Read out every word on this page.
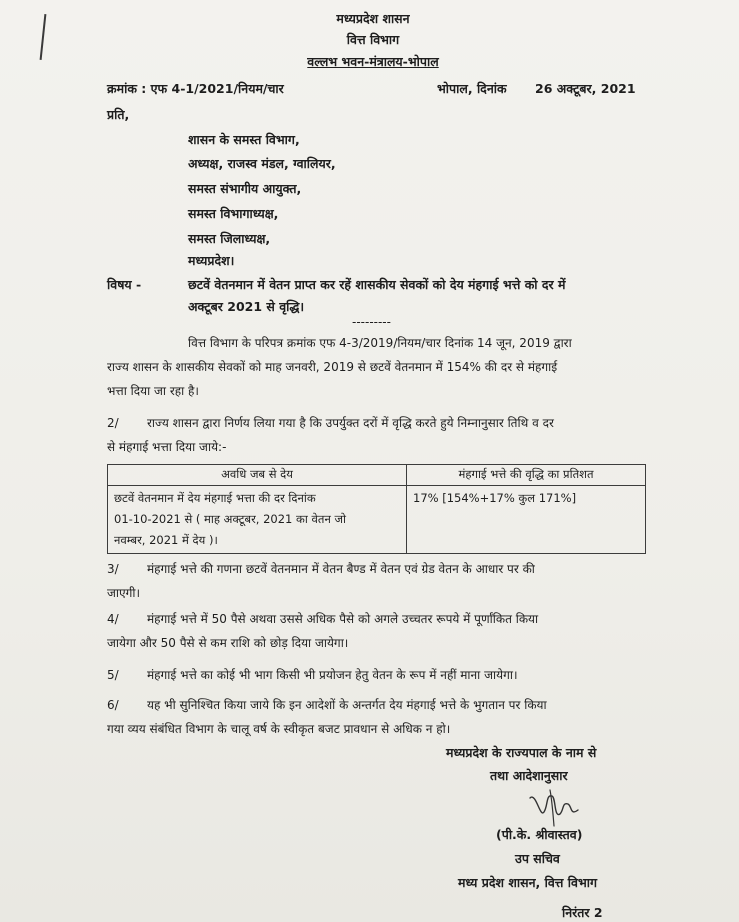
मध्यप्रदेश शासन
वित्त विभाग
वल्लभ भवन-मंत्रालय-भोपाल
क्रमांक : एफ 4-1/2021/नियम/चार	भोपाल, दिनांक 26 अक्टूबर, 2021
प्रति,
शासन के समस्त विभाग,
अध्यक्ष, राजस्व मंडल, ग्वालियर,
समस्त संभागीय आयुक्त,
समस्त विभागाध्यक्ष,
समस्त जिलाध्यक्ष,
मध्यप्रदेश।
विषय -	छटवें वेतनमान में वेतन प्राप्त कर रहें शासकीय सेवकों को देय मंहगाई भत्ते को दर में
अक्टूबर 2021 से वृद्धि।
---------
वित्त विभाग के परिपत्र क्रमांक एफ 4-3/2019/नियम/चार दिनांक 14 जून, 2019 द्वारा
राज्य शासन के शासकीय सेवकों को माह जनवरी, 2019 से छटवें वेतनमान में 154% की दर से मंहगाई
भत्ता दिया जा रहा है।
2/ राज्य शासन द्वारा निर्णय लिया गया है कि उपर्युक्त दरों में वृद्धि करते हुये निम्नानुसार तिथि व दर
से मंहगाई भत्ता दिया जाये:-
अवधि जब से देय	मंहगाई भत्ते की वृद्धि का प्रतिशत

छटवें वेतनमान में देय मंहगाई भत्ता की दर दिनांक
01-10-2021 से ( माह अक्टूबर, 2021 का वेतन जो
नवम्बर, 2021 में देय )।	17% [154%+17% कुल 171%]
3/ मंहगाई भत्ते की गणना छटवें वेतनमान में वेतन बैण्ड में वेतन एवं ग्रेड वेतन के आधार पर की
जाएगी।
4/ मंहगाई भत्ते में 50 पैसे अथवा उससे अधिक पैसे को अगले उच्चतर रूपये में पूर्णांकित किया
जायेगा और 50 पैसे से कम राशि को छोड़ दिया जायेगा।
5/ मंहगाई भत्ते का कोई भी भाग किसी भी प्रयोजन हेतु वेतन के रूप में नहीं माना जायेगा।
6/ यह भी सुनिश्चित किया जाये कि इन आदेशों के अन्तर्गत देय मंहगाई भत्ते के भुगतान पर किया
गया व्यय संबंधित विभाग के चालू वर्ष के स्वीकृत बजट प्रावधान से अधिक न हो।
मध्यप्रदेश के राज्यपाल के नाम से
तथा आदेशानुसार
(पी.के. श्रीवास्तव)
उप सचिव
मध्य प्रदेश शासन, वित्त विभाग
निरंतर 2
